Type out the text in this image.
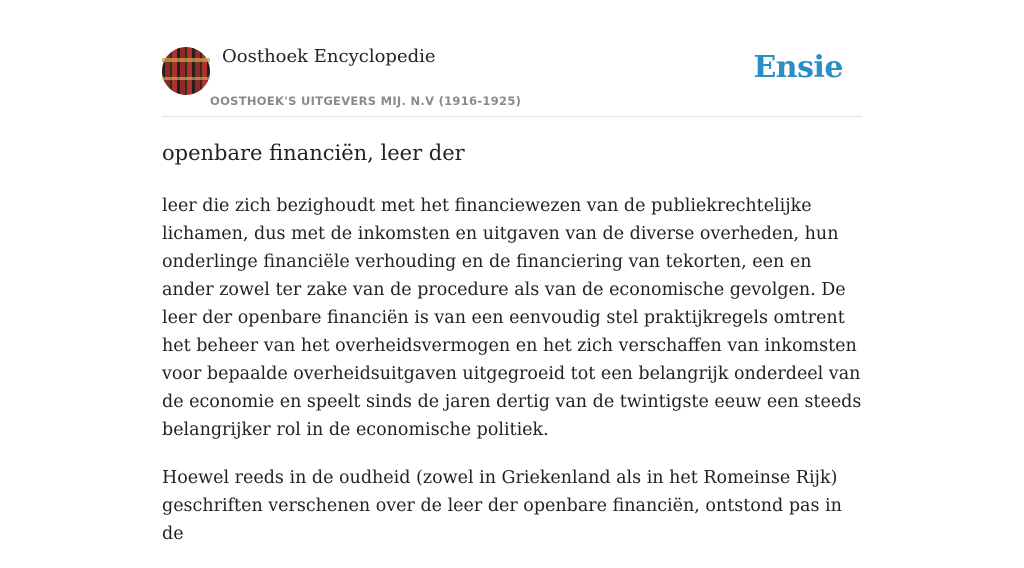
Oosthoek Encyclopedie
OOSTHOEK'S UITGEVERS MIJ. N.V (1916-1925)
Ensie
openbare financiën, leer der

leer die zich bezighoudt met het financiewezen van de publiekrechtelijke lichamen, dus met de inkomsten en uitgaven van de diverse overheden, hun onderlinge financiële verhouding en de financiering van tekorten, een en ander zowel ter zake van de procedure als van de economische gevolgen. De leer der openbare financiën is van een eenvoudig stel praktijkregels omtrent het beheer van het overheidsvermogen en het zich verschaffen van inkomsten voor bepaalde overheidsuitgaven uitgegroeid tot een belangrijk onderdeel van de economie en speelt sinds de jaren dertig van de twintigste eeuw een steeds belangrijker rol in de economische politiek.

Hoewel reeds in de oudheid (zowel in Griekenland als in het Romeinse Rijk) geschriften verschenen over de leer der openbare financiën, ontstond pas in de
